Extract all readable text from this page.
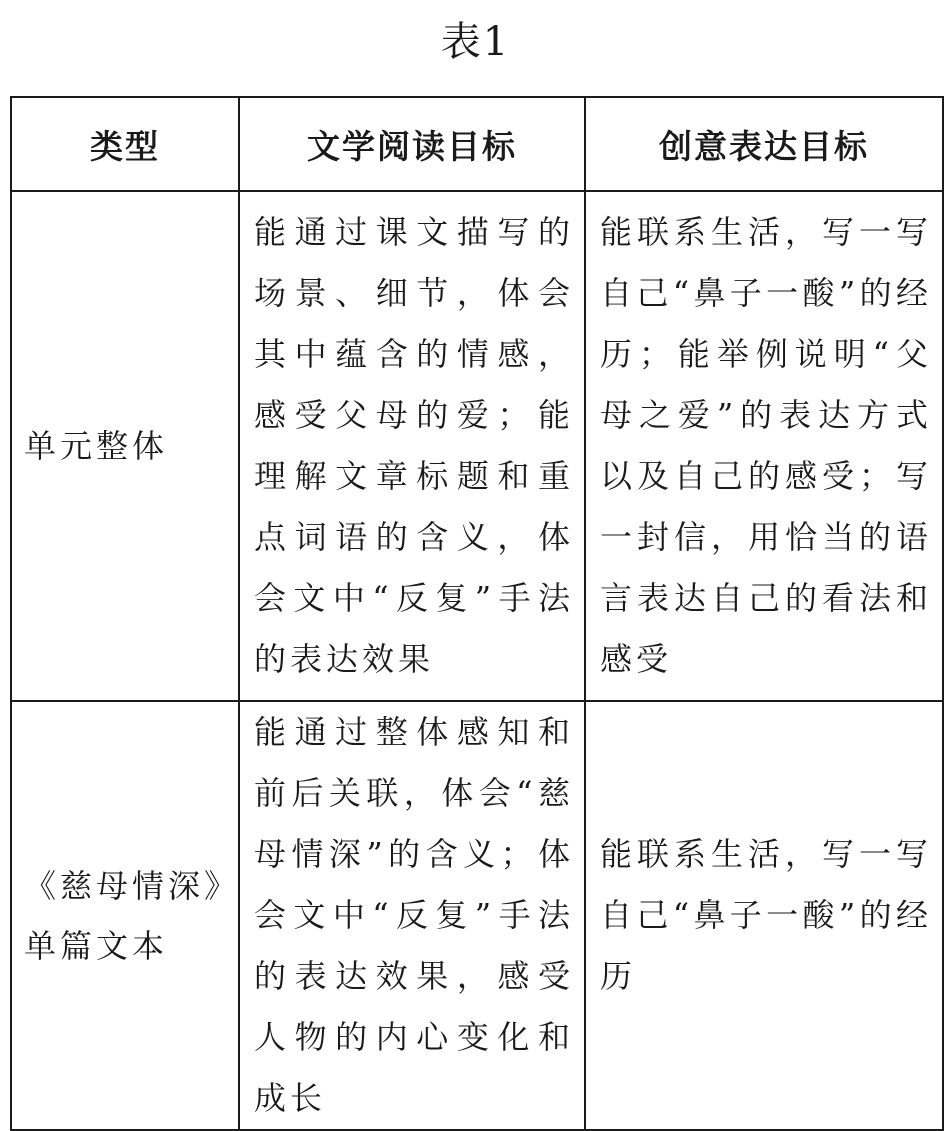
表1
类型	文学阅读目标	创意表达目标

单元整体	能通过课文描写的场景、细节，体会其中蕴含的情感，感受父母的爱；能理解文章标题和重点词语的含义，体会文中“反复”手法的表达效果	能联系生活，写一写自己“鼻子一酸”的经历；能举例说明“父母之爱”的表达方式以及自己的感受；写一封信，用恰当的语言表达自己的看法和感受

《慈母情深》
单篇文本	能通过整体感知和前后关联，体会“慈母情深”的含义；体会文中“反复”手法的表达效果，感受人物的内心变化和成长	能联系生活，写一写自己“鼻子一酸”的经历
